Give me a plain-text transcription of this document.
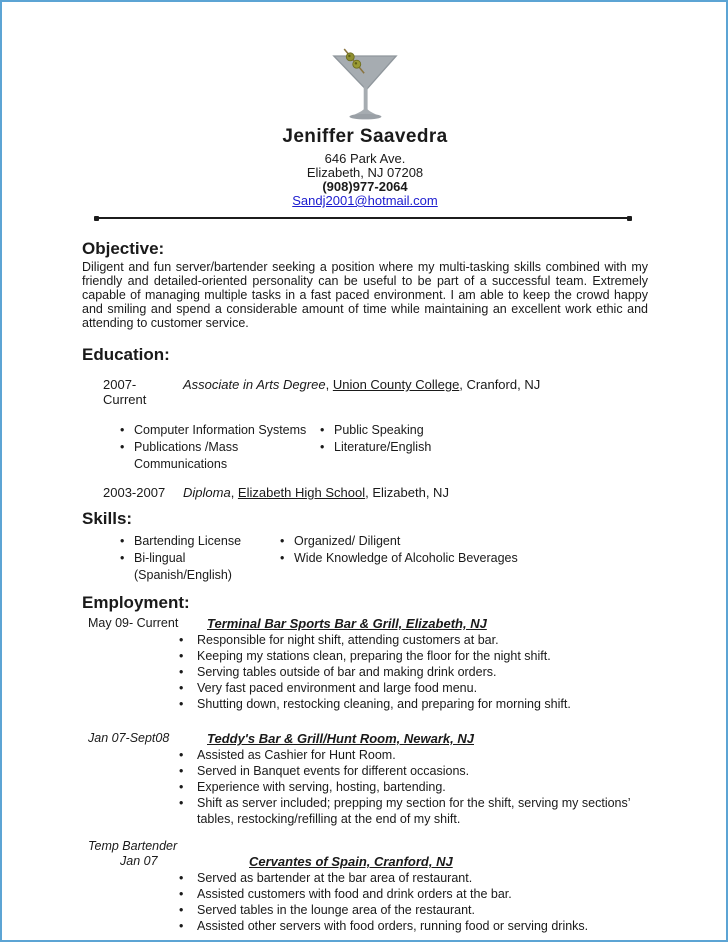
Jeniffer Saavedra
646 Park Ave.
Elizabeth, NJ 07208
(908)977-2064
Sandj2001@hotmail.com
Objective:
Diligent and fun server/bartender seeking a position where my multi-tasking skills combined with my friendly and detailed-oriented personality can be useful to be part of a successful team. Extremely capable of managing multiple tasks in a fast paced environment. I am able to keep the crowd happy and smiling and spend a considerable amount of time while maintaining an excellent work ethic and attending to customer service.
Education:
2007- Current
Associate in Arts Degree, Union County College, Cranford, NJ
• Computer Information Systems
• Publications /Mass Communications
• Public Speaking
• Literature/English
2003-2007	Diploma, Elizabeth High School, Elizabeth, NJ
Skills:
• Bartending License
• Bi-lingual (Spanish/English)
• Organized/ Diligent
• Wide Knowledge of Alcoholic Beverages
Employment:
May 09- Current	Terminal Bar Sports Bar & Grill, Elizabeth, NJ
• Responsible for night shift, attending customers at bar.
• Keeping my stations clean, preparing the floor for the night shift.
• Serving tables outside of bar and making drink orders.
• Very fast paced environment and large food menu.
• Shutting down, restocking cleaning, and preparing for morning shift.
Jan 07-Sept08	Teddy's Bar & Grill/Hunt Room, Newark, NJ
• Assisted as Cashier for Hunt Room.
• Served in Banquet events for different occasions.
• Experience with serving, hosting, bartending.
• Shift as server included; prepping my section for the shift, serving my sections’ tables, restocking/refilling at the end of my shift.
Temp Bartender
Jan 07	Cervantes of Spain, Cranford, NJ
• Served as bartender at the bar area of restaurant.
• Assisted customers with food and drink orders at the bar.
• Served tables in the lounge area of the restaurant.
• Assisted other servers with food orders, running food or serving drinks.
